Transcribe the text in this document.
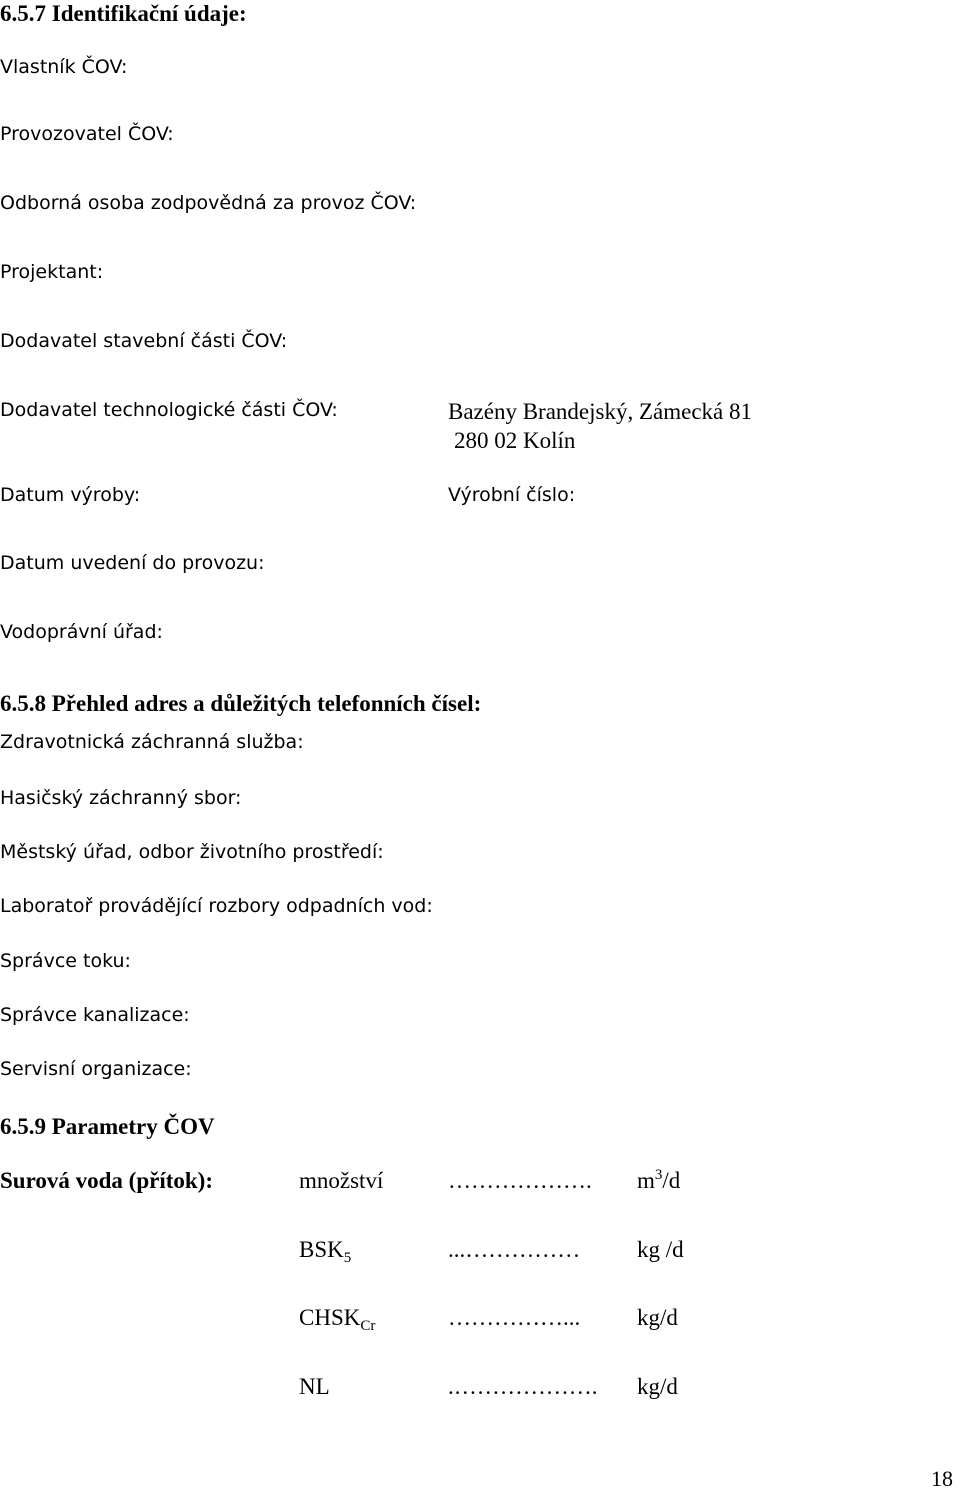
6.5.7 Identifikační údaje:
Vlastník ČOV:
Provozovatel ČOV:
Odborná osoba zodpovědná za provoz ČOV:
Projektant:
Dodavatel stavební části ČOV:
Dodavatel technologické části ČOV:	Bazény Brandejský, Zámecká 81
280 02 Kolín
Datum výroby:	Výrobní číslo:
Datum uvedení do provozu:
Vodoprávní úřad:
6.5.8 Přehled adres a důležitých telefonních čísel:
Zdravotnická záchranná služba:
Hasičský záchranný sbor:
Městský úřad, odbor životního prostředí:
Laboratoř provádějící rozbory odpadních vod:
Správce toku:
Správce kanalizace:
Servisní organizace:
6.5.9 Parametry ČOV
Surová voda (přítok):	množství	………………. $m^3/d$
$BSK_5$	...…………… kg /d
$CHSK_{Cr}$	……………... kg/d
NL	.………………. kg/d
18
